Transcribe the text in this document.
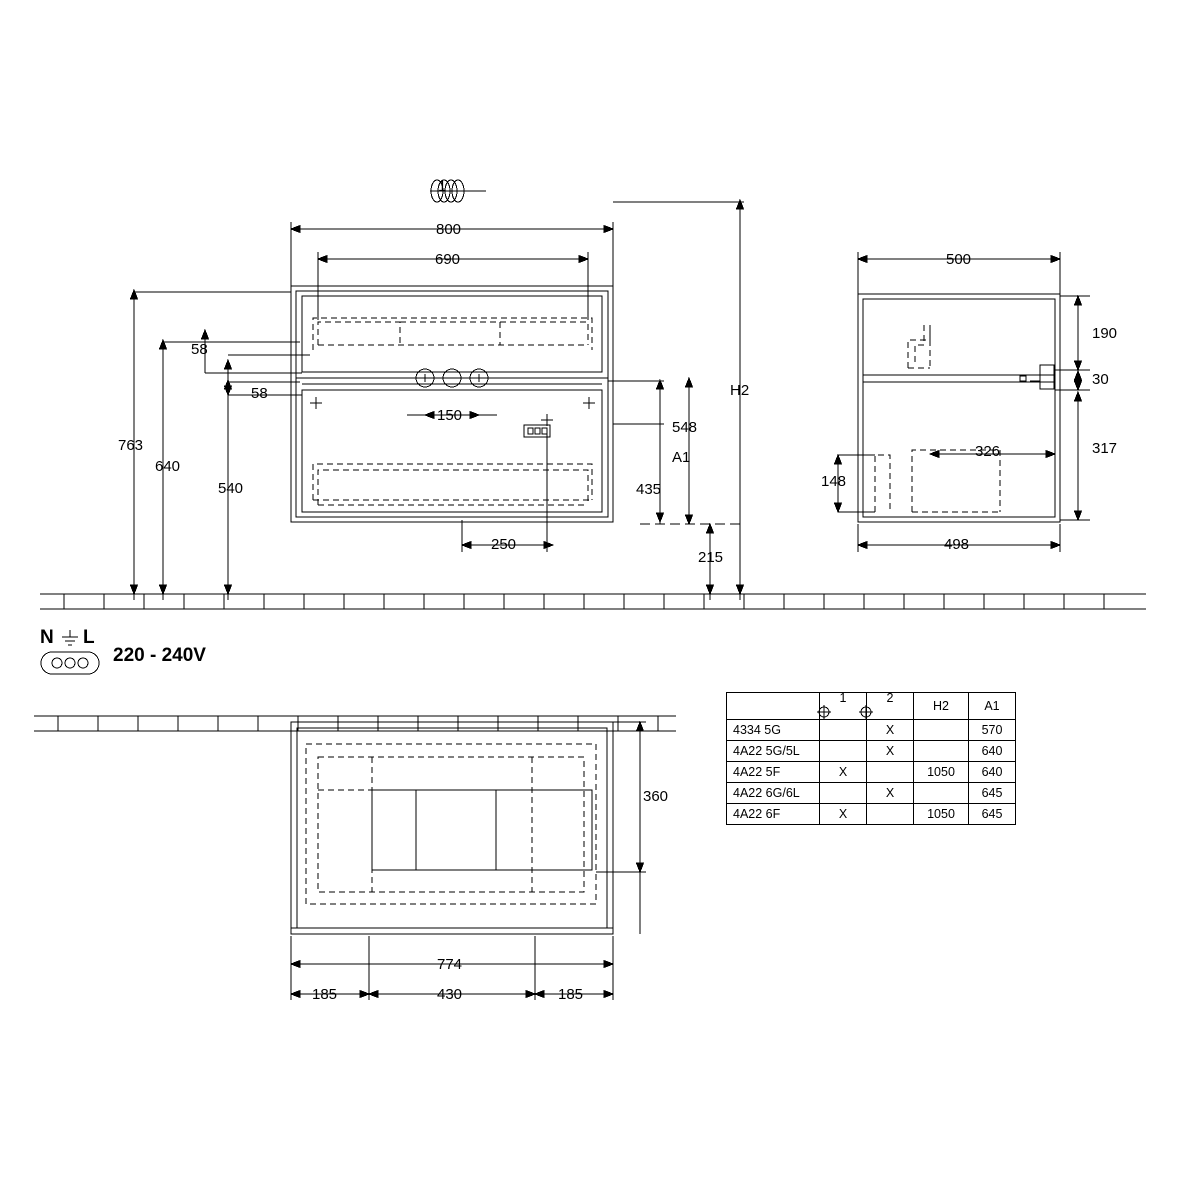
1
800
690
58
58
150
763
640
540
250
548
435
215
H2
A1
500
190
30
317
326
148
498
360
774
185	430	185
N L
220 - 240V
	1	2	H2	A1
4334 5G		X		570
4A22 5G/5L		X		640
4A22 5F	X		1050	640
4A22 6G/6L		X		645
4A22 6F	X		1050	645
